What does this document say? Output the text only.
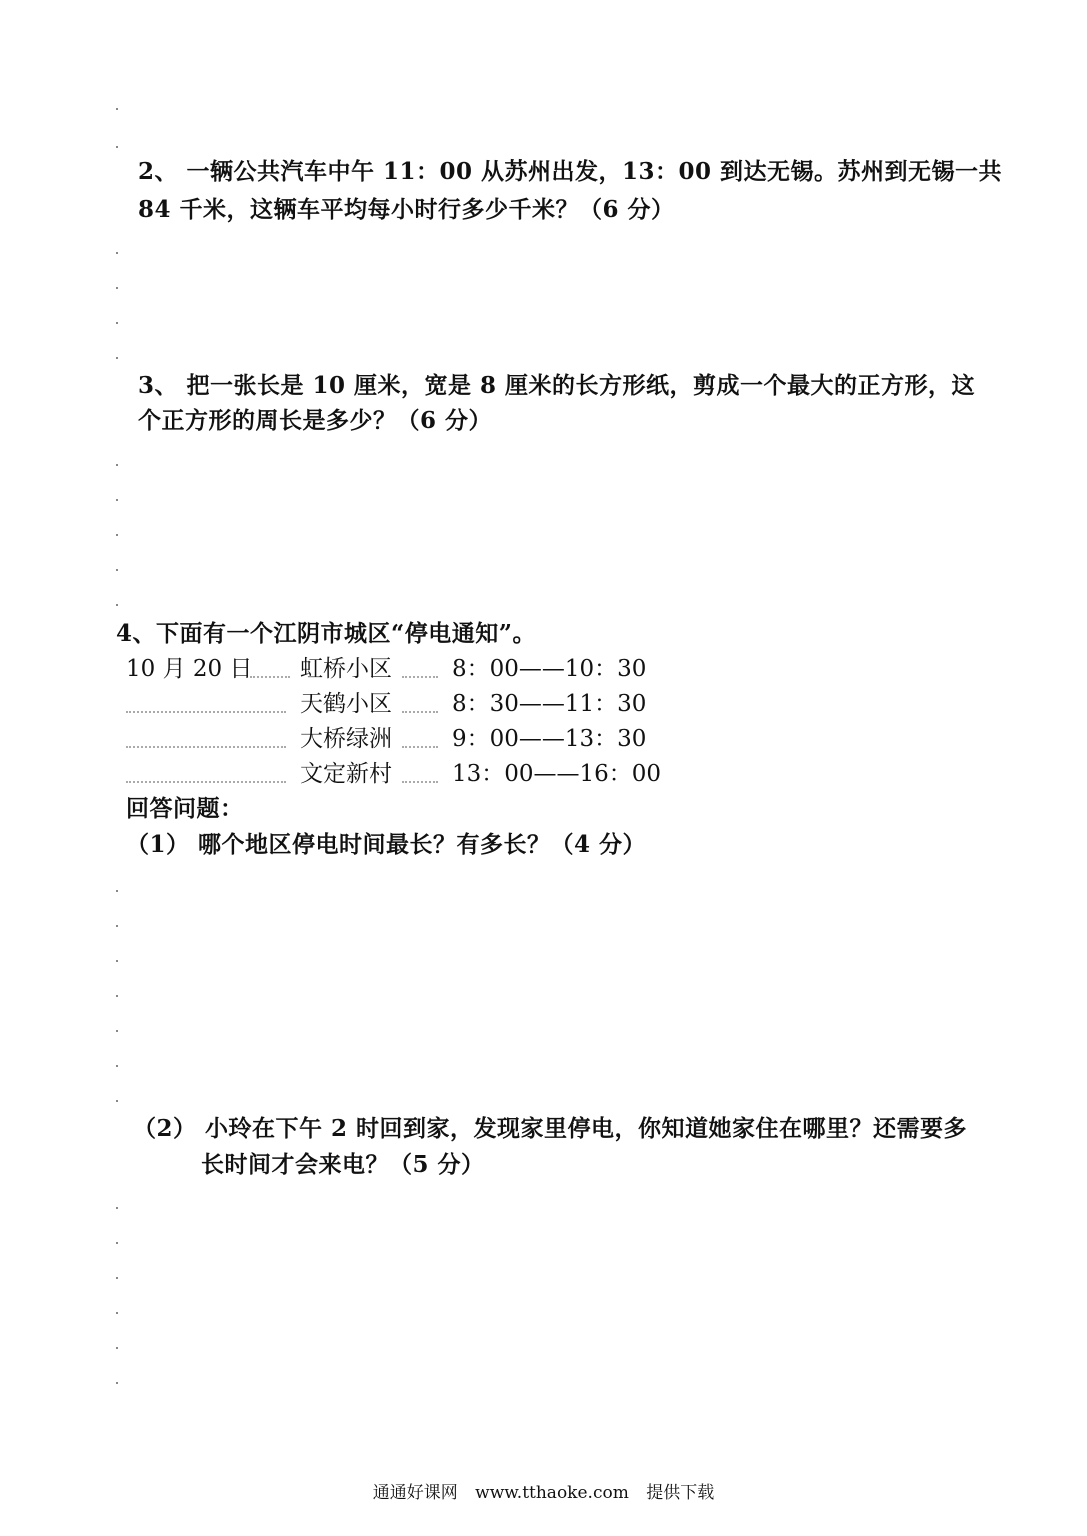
2、 一辆公共汽车中午 11：00 从苏州出发，13：00 到达无锡。苏州到无锡一共
84 千米，这辆车平均每小时行多少千米？（6 分）
3、 把一张长是 10 厘米，宽是 8 厘米的长方形纸，剪成一个最大的正方形，这
个正方形的周长是多少？（6 分）
4、下面有一个江阴市城区“停电通知”。
10 月 20 日 虹桥小区	8：00——10：30
天鹤小区	8：30——11：30
大桥绿洲	9：00——13：30
文定新村	13：00——16：00
回答问题：
（1） 哪个地区停电时间最长？有多长？（4 分）
（2） 小玲在下午 2 时回到家，发现家里停电，你知道她家住在哪里？还需要多
长时间才会来电？（5 分）
通通好课网 www.tthaoke.com 提供下载
